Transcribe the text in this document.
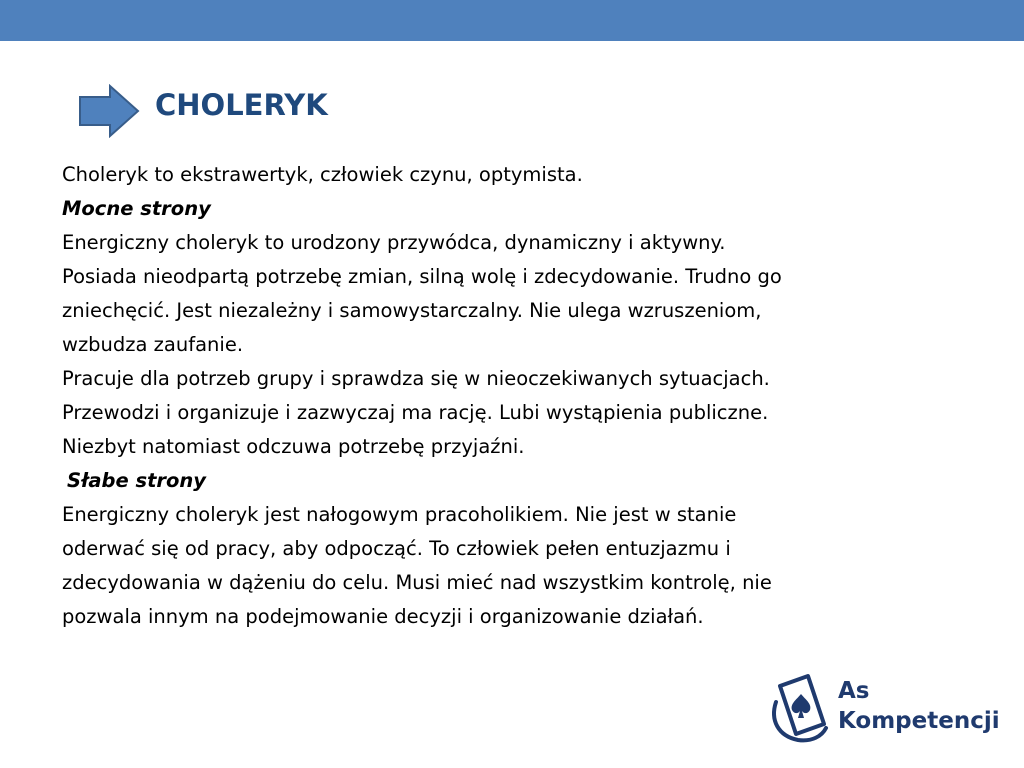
CHOLERYK
Choleryk to ekstrawertyk, człowiek czynu, optymista.
Mocne strony
Energiczny choleryk to urodzony przywódca, dynamiczny i aktywny.
Posiada nieodpartą potrzebę zmian, silną wolę i zdecydowanie. Trudno go
zniechęcić. Jest niezależny i samowystarczalny. Nie ulega wzruszeniom,
wzbudza zaufanie.
Pracuje dla potrzeb grupy i sprawdza się w nieoczekiwanych sytuacjach.
Przewodzi i organizuje i zazwyczaj ma rację. Lubi wystąpienia publiczne.
Niezbyt natomiast odczuwa potrzebę przyjaźni.
Słabe strony
Energiczny choleryk jest nałogowym pracoholikiem. Nie jest w stanie
oderwać się od pracy, aby odpocząć. To człowiek pełen entuzjazmu i
zdecydowania w dążeniu do celu. Musi mieć nad wszystkim kontrolę, nie
pozwala innym na podejmowanie decyzji i organizowanie działań.
As
Kompetencji
